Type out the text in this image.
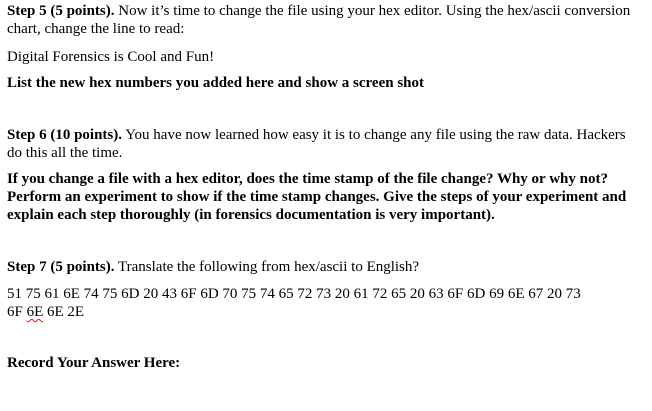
Step 5 (5 points). Now it’s time to change the file using your hex editor. Using the hex/ascii conversion chart, change the line to read:

Digital Forensics is Cool and Fun!

List the new hex numbers you added here and show a screen shot

Step 6 (10 points). You have now learned how easy it is to change any file using the raw data. Hackers do this all the time.

If you change a file with a hex editor, does the time stamp of the file change? Why or why not? Perform an experiment to show if the time stamp changes. Give the steps of your experiment and explain each step thoroughly (in forensics documentation is very important).

Step 7 (5 points). Translate the following from hex/ascii to English?

51 75 61 6E 74 75 6D 20 43 6F 6D 70 75 74 65 72 73 20 61 72 65 20 63 6F 6D 69 6E 67 20 73

6F 6E 6E 2E

Record Your Answer Here:
